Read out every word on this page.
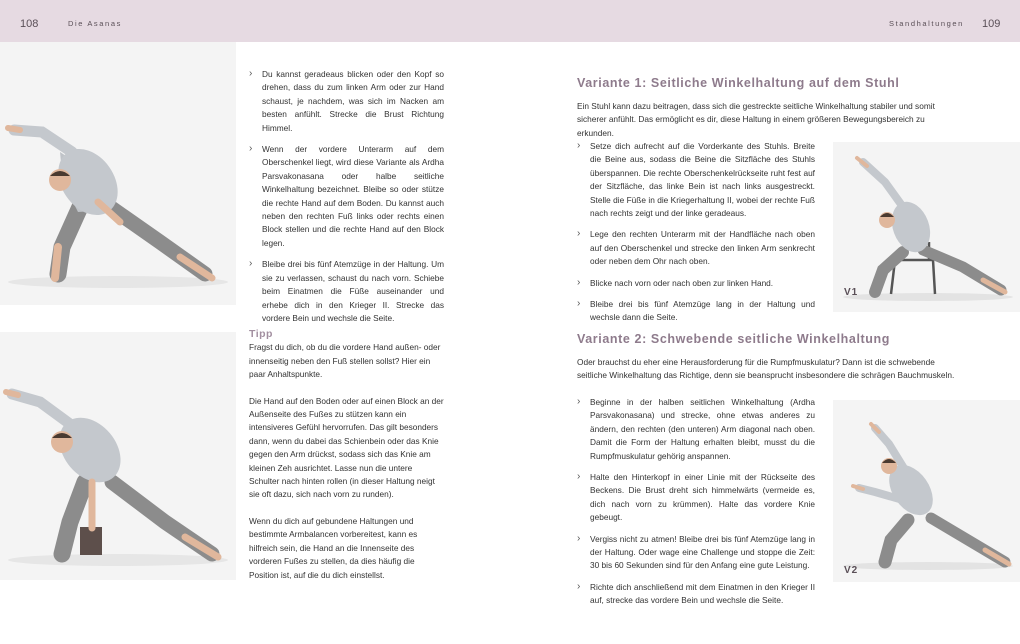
108	Die Asanas	Standhaltungen 109
› Du kannst geradeaus blicken oder den Kopf so drehen, dass du zum linken Arm oder zur Hand schaust, je nachdem, was sich im Nacken am besten anfühlt. Strecke die Brust Richtung Himmel.
› Wenn der vordere Unterarm auf dem Oberschenkel liegt, wird diese Variante als Ardha Parsvakonasana oder halbe seitliche Winkelhaltung bezeichnet. Bleibe so oder stütze die rechte Hand auf dem Boden. Du kannst auch neben den rechten Fuß links oder rechts einen Block stellen und die rechte Hand auf den Block legen.
› Bleibe drei bis fünf Atemzüge in der Haltung. Um sie zu verlassen, schaust du nach vorn. Schiebe beim Einatmen die Füße auseinander und erhebe dich in den Krieger II. Strecke das vordere Bein und wechsle die Seite.
Tipp

Fragst du dich, ob du die vordere Hand außen- oder innenseitig neben den Fuß stellen sollst? Hier ein paar Anhaltspunkte.

Die Hand auf den Boden oder auf einen Block an der Außenseite des Fußes zu stützen kann ein intensiveres Gefühl hervorrufen. Das gilt besonders dann, wenn du dabei das Schienbein oder das Knie gegen den Arm drückst, sodass sich das Knie am kleinen Zeh ausrichtet. Lasse nun die untere Schulter nach hinten rollen (in dieser Haltung neigt sie oft dazu, sich nach vorn zu runden).

Wenn du dich auf gebundene Haltungen und bestimmte Armbalancen vorbereitest, kann es hilfreich sein, die Hand an die Innenseite des vorderen Fußes zu stellen, da dies häufig die Position ist, auf die du dich einstellst.

Variante 1: Seitliche Winkelhaltung auf dem Stuhl
Ein Stuhl kann dazu beitragen, dass sich die gestreckte seitliche Winkelhaltung stabiler und somit sicherer anfühlt. Das ermöglicht es dir, diese Haltung in einem größeren Bewegungsbereich zu erkunden.
› Setze dich aufrecht auf die Vorderkante des Stuhls. Breite die Beine aus, sodass die Beine die Sitzfläche des Stuhls überspannen. Die rechte Oberschenkelrückseite ruht fest auf der Sitzfläche, das linke Bein ist nach links ausgestreckt. Stelle die Füße in die Kriegerhaltung II, wobei der rechte Fuß nach rechts zeigt und der linke geradeaus.
› Lege den rechten Unterarm mit der Handfläche nach oben auf den Oberschenkel und strecke den linken Arm senkrecht oder neben dem Ohr nach oben.
› Blicke nach vorn oder nach oben zur linken Hand.
› Bleibe drei bis fünf Atemzüge lang in der Haltung und wechsle dann die Seite.
V1
Variante 2: Schwebende seitliche Winkelhaltung
Oder brauchst du eher eine Herausforderung für die Rumpfmuskulatur? Dann ist die schwebende seitliche Winkelhaltung das Richtige, denn sie beansprucht insbesondere die schrägen Bauchmuskeln.
› Beginne in der halben seitlichen Winkelhaltung (Ardha Parsvakonasana) und strecke, ohne etwas anderes zu ändern, den rechten (den unteren) Arm diagonal nach oben. Damit die Form der Haltung erhalten bleibt, musst du die Rumpfmuskulatur gehörig anspannen.
› Halte den Hinterkopf in einer Linie mit der Rückseite des Beckens. Die Brust dreht sich himmelwärts (vermeide es, dich nach vorn zu krümmen). Halte das vordere Knie gebeugt.
› Vergiss nicht zu atmen! Bleibe drei bis fünf Atemzüge lang in der Haltung. Oder wage eine Challenge und stoppe die Zeit: 30 bis 60 Sekunden sind für den Anfang eine gute Leistung.
› Richte dich anschließend mit dem Einatmen in den Krieger II auf, strecke das vordere Bein und wechsle die Seite.
V2
